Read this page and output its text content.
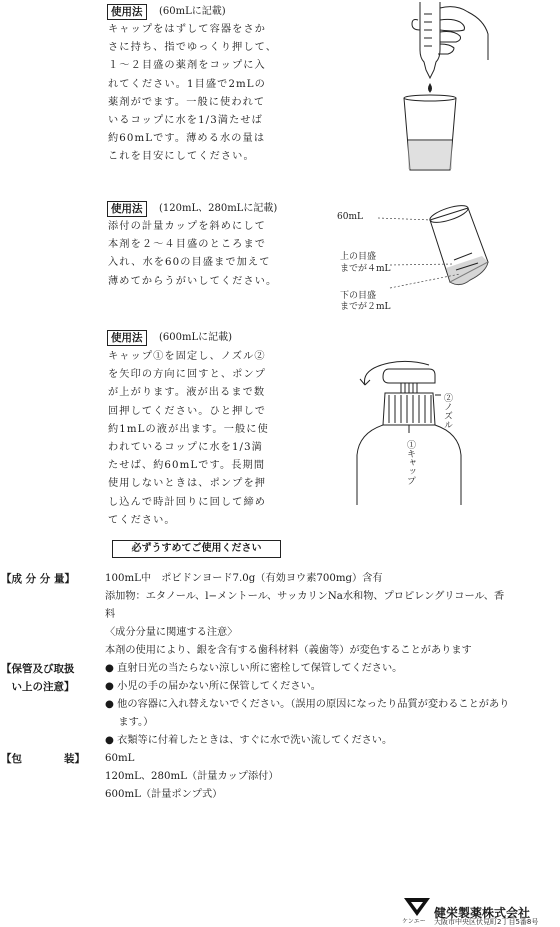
使用法	(60mLに記載)
キャップをはずして容器をさか
さに持ち、指でゆっくり押して、
１〜２目盛の薬剤をコップに入
れてください。1目盛で2mLの
薬剤がでます。一般に使われて
いるコップに水を1/3満たせば
約60mLです。薄める水の量は
これを目安にしてください。
使用法	(120mL、280mLに記載)
添付の計量カップを斜めにして
本剤を２〜４目盛のところまで
入れ、水を60の目盛まで加えて
薄めてからうがいしてください。
60mL
上の目盛
までが４mL
下の目盛
までが２mL
使用法	(600mLに記載)
キャップ①を固定し、ノズル②
を矢印の方向に回すと、ポンプ
が上がります。液が出るまで数
回押してください。ひと押しで
約1mLの液が出ます。一般に使
われているコップに水を1/3満
たせば、約60mLです。長期間
使用しないときは、ポンプを押
し込んで時計回りに回して締め
てください。
②ノズル
①キャップ
必ずうすめてご使用ください
【成 分 分 量】	100mL中　ポビドンヨード7.0g（有効ヨウ素700mg）含有
添加物：エタノール、l−メントール、サッカリンNa水和物、プロピレングリコール、香
料
〈成分分量に関連する注意〉
本剤の使用により、銀を含有する歯科材料（義歯等）が変色することがあります
【保管及び取扱
　い上の注意】
● 直射日光の当たらない涼しい所に密栓して保管してください。
● 小児の手の届かない所に保管してください。
● 他の容器に入れ替えないでください。（誤用の原因になったり品質が変わることがあり
　 ます。）
● 衣類等に付着したときは、すぐに水で洗い流してください。
【包　　　　装】 60mL
120mL、280mL（計量カップ添付）
600mL（計量ポンプ式）
ケンエー
健栄製薬株式会社
大阪市中央区伏見町2丁目5番8号
